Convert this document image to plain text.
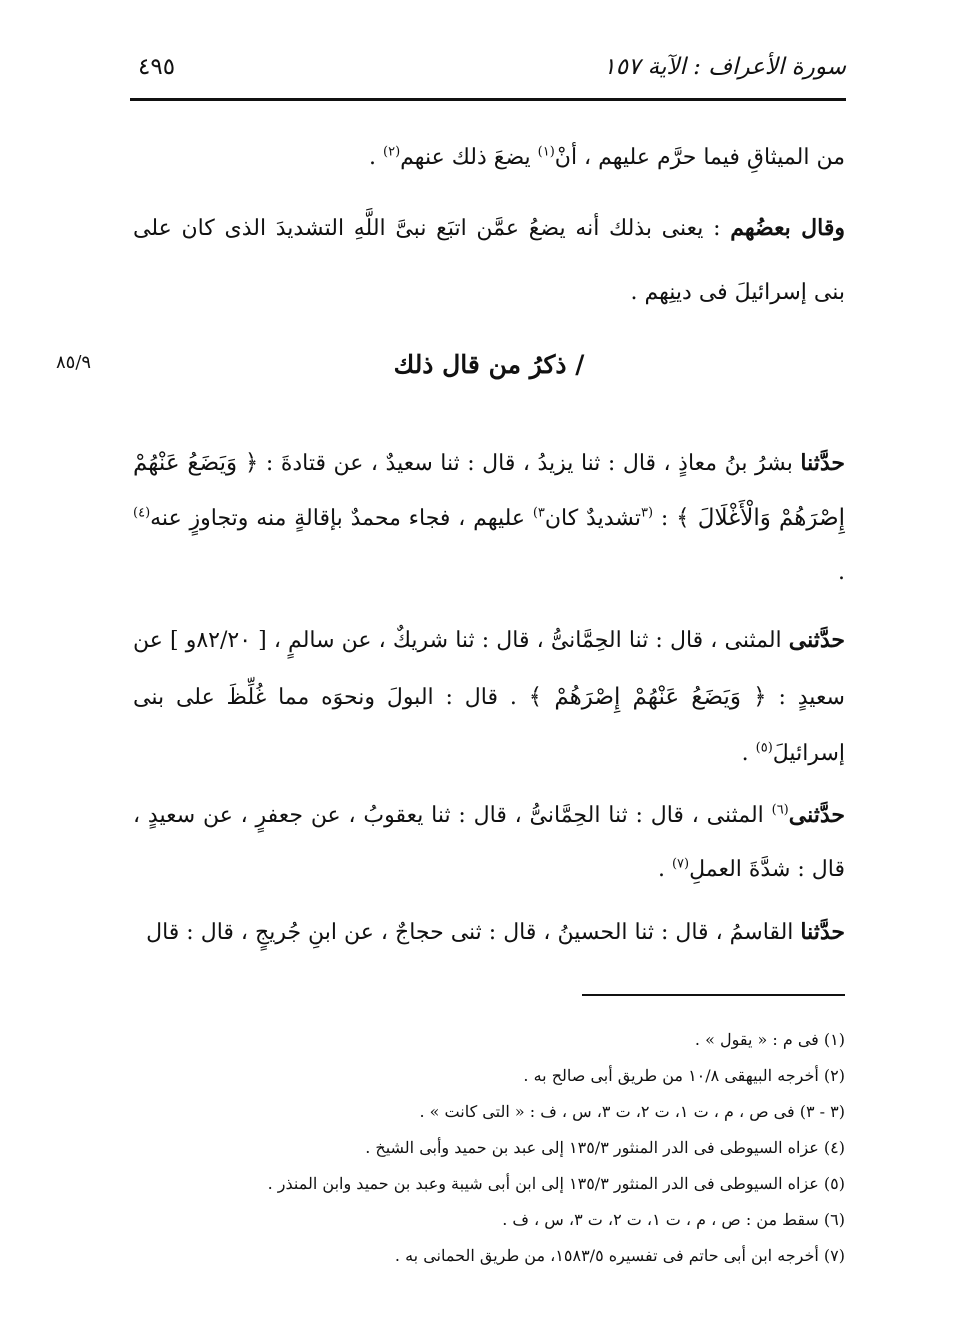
سورة الأعراف : الآية ١٥٧
٤٩٥
من الميثاقِ فيما حرَّم عليهم ، أنْ$^{(١)}$ يضعَ ذلك عنهم$^{(٢)}$ .
وقال بعضُهم : يعنى بذلك أنه يضعُ عمَّن اتبَع نبىَّ اللَّهِ التشديدَ الذى كان على بنى إسرائيلَ فى دينِهم .
٨٥/٩	/ ذكرُ من قال ذلك
حدَّثنا بشرُ بنُ معاذٍ ، قال : ثنا يزيدُ ، قال : ثنا سعيدٌ ، عن قتادةَ : ﴿ وَيَضَعُ عَنْهُمْ إِصْرَهُمْ وَالْأَغْلَالَ ﴾ : $^{(٣}$تشديدٌ كان$^{٣)}$ عليهم ، فجاء محمدٌ بإقالةٍ منه وتجاوزٍ عنه$^{(٤)}$ .
حدَّثنى المثنى ، قال : ثنا الحِمَّانىُّ ، قال : ثنا شريكٌ ، عن سالمٍ ، [ ٨٢/٢٠و ] عن سعيدٍ : ﴿ وَيَضَعُ عَنْهُمْ إِصْرَهُمْ ﴾ . قال : البولَ ونحوَه مما غُلِّظَ على بنى إسرائيلَ$^{(٥)}$ .
حدَّثنى$^{(٦)}$ المثنى ، قال : ثنا الحِمَّانىُّ ، قال : ثنا يعقوبُ ، عن جعفرٍ ، عن سعيدٍ ، قال : شدَّةَ العملِ$^{(٧)}$ .
حدَّثنا القاسمُ ، قال : ثنا الحسينُ ، قال : ثنى حجاجٌ ، عن ابنِ جُريجٍ ، قال : قال
(١) فى م : « يقول » .
(٢) أخرجه البيهقى ١٠/٨ من طريق أبى صالح به .
(٣ - ٣) فى ص ، م ، ت ١، ت ٢، ت ٣، س ، ف : « التى كانت » .
(٤) عزاه السيوطى فى الدر المنثور ١٣٥/٣ إلى عبد بن حميد وأبى الشيخ .
(٥) عزاه السيوطى فى الدر المنثور ١٣٥/٣ إلى ابن أبى شيبة وعبد بن حميد وابن المنذر .
(٦) سقط من : ص ، م ، ت ١، ت ٢، ت ٣، س ، ف .
(٧) أخرجه ابن أبى حاتم فى تفسيره ١٥٨٣/٥، من طريق الحمانى به .
